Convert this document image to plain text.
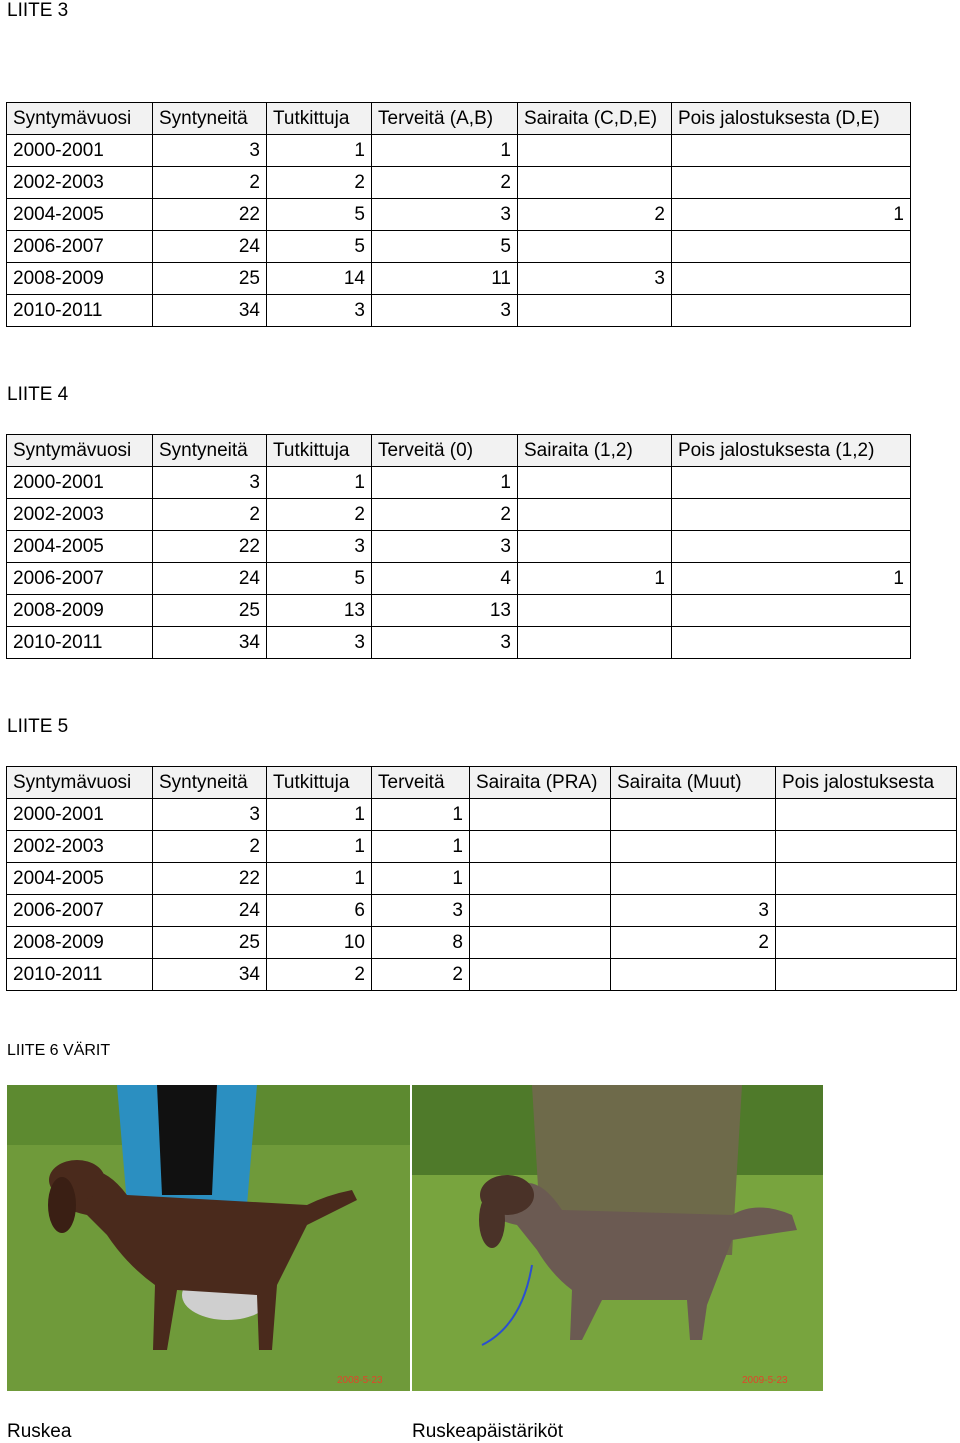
LIITE 3
Syntymävuosi	Syntyneitä	Tutkittuja	Terveitä (A,B)	Sairaita (C,D,E)	Pois jalostuksesta (D,E)
2000-2001	3	1	1		
2002-2003	2	2	2		
2004-2005	22	5	3	2	1
2006-2007	24	5	5		
2008-2009	25	14	11	3	
2010-2011	34	3	3		
LIITE 4
Syntymävuosi	Syntyneitä	Tutkittuja	Terveitä (0)	Sairaita (1,2)	Pois jalostuksesta (1,2)
2000-2001	3	1	1		
2002-2003	2	2	2		
2004-2005	22	3	3		
2006-2007	24	5	4	1	1
2008-2009	25	13	13		
2010-2011	34	3	3		
LIITE 5
Syntymävuosi	Syntyneitä	Tutkittuja	Terveitä	Sairaita (PRA)	Sairaita (Muut)	Pois jalostuksesta
2000-2001	3	1	1			
2002-2003	2	1	1			
2004-2005	22	1	1			
2006-2007	24	6	3		3	
2008-2009	25	10	8		2	
2010-2011	34	2	2			
LIITE 6 VÄRIT
2008-5-23	2009-5-23
Ruskea	Ruskeapäistäriköt
